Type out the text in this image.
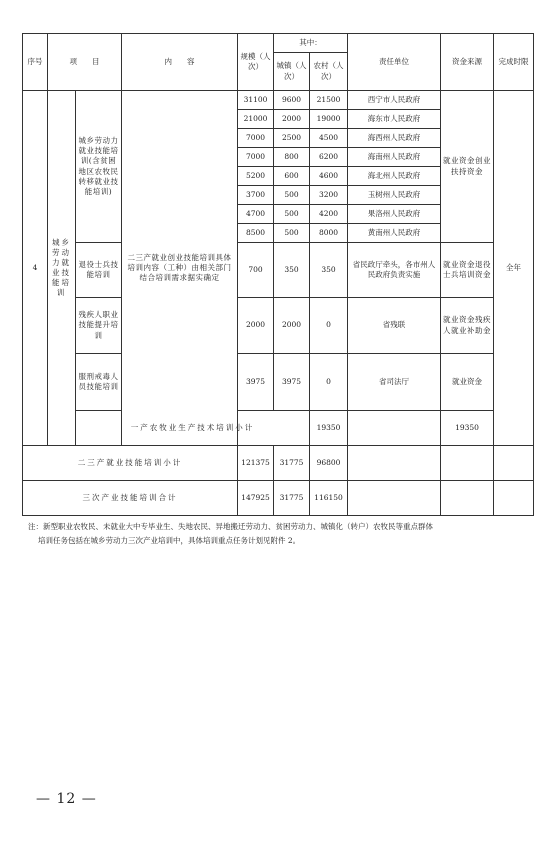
序号	项　　目		内　　容	规模（人次）	其中：		责任单位	资金来源	完成时限	
					城镇（人次）	农村（人次）				
4	城乡劳动力就业技能培训	城乡劳动力就业技能培训(含贫困地区农牧民转移就业技能培训)	二三产就业创业技能培训具体培训内容（工种）由相关部门结合培训需求据实确定	31100	9600	21500	西宁市人民政府	就业资金创业扶持资金	全年	
				21000	2000	19000	海东市人民政府			
				7000	2500	4500	海西州人民政府			
				7000	800	6200	海南州人民政府			
				5200	600	4600	海北州人民政府			
				3700	500	3200	玉树州人民政府			
				4700	500	4200	果洛州人民政府			
				8500	500	8000	黄南州人民政府			
		退役士兵技能培训		700	350	350	省民政厅牵头，各市州人民政府负责实施	就业资金退役士兵培训资金		
		残疾人职业技能提升培训		2000	2000	0	省残联	就业资金残疾人就业补助金		
		服刑戒毒人员技能培训		3975	3975	0	省司法厅	就业资金		
		一产农牧业生产技术培训小计				19350		19350			
二三产就业技能培训小计				121375	31775	96800				
三次产业技能培训合计				147925	31775	116150				
注：新型职业农牧民、未就业大中专毕业生、失地农民、异地搬迁劳动力、贫困劳动力、城镇化（转户）农牧民等重点群体
培训任务包括在城乡劳动力三次产业培训中，具体培训重点任务计划见附件 2。
— 12 —
